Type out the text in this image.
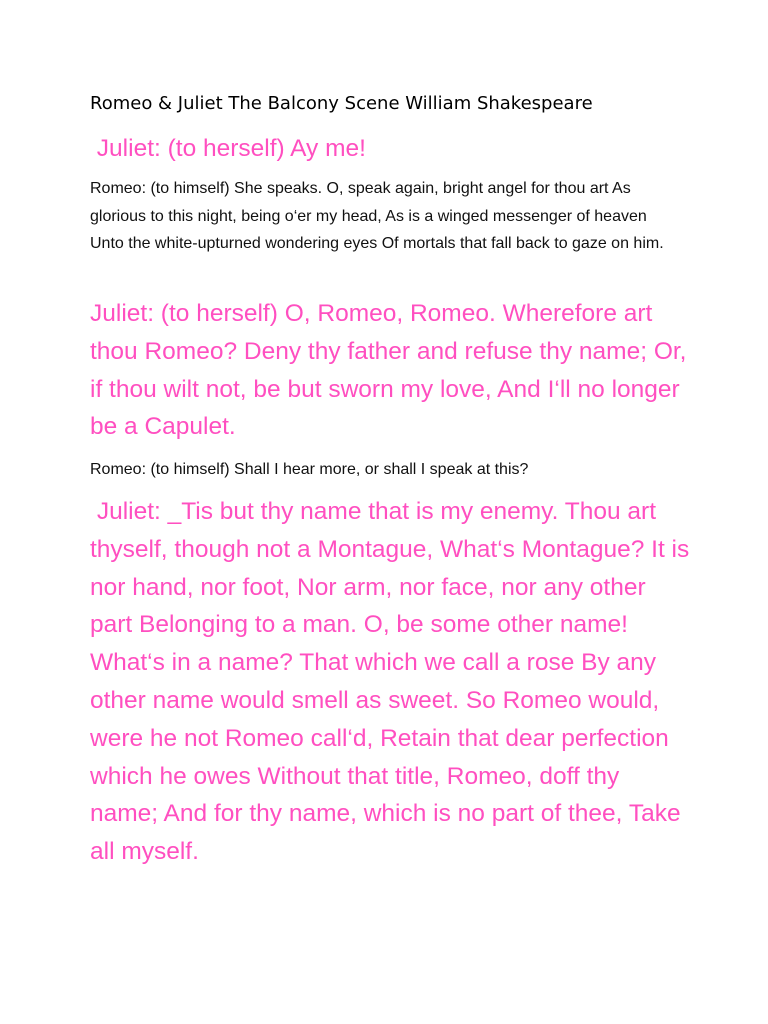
Romeo & Juliet The Balcony Scene William Shakespeare

Juliet: (to herself) Ay me!

Romeo: (to himself) She speaks. O, speak again, bright angel for thou art As glorious to this night, being o‘er my head, As is a winged messenger of heaven Unto the white-upturned wondering eyes Of mortals that fall back to gaze on him.

Juliet: (to herself) O, Romeo, Romeo. Wherefore art thou Romeo? Deny thy father and refuse thy name; Or, if thou wilt not, be but sworn my love, And I‘ll no longer be a Capulet.

Romeo: (to himself) Shall I hear more, or shall I speak at this?

Juliet: _Tis but thy name that is my enemy. Thou art thyself, though not a Montague, What‘s Montague? It is nor hand, nor foot, Nor arm, nor face, nor any other part Belonging to a man. O, be some other name! What‘s in a name? That which we call a rose By any other name would smell as sweet. So Romeo would, were he not Romeo call‘d, Retain that dear perfection which he owes Without that title, Romeo, doff thy name; And for thy name, which is no part of thee, Take all myself.
